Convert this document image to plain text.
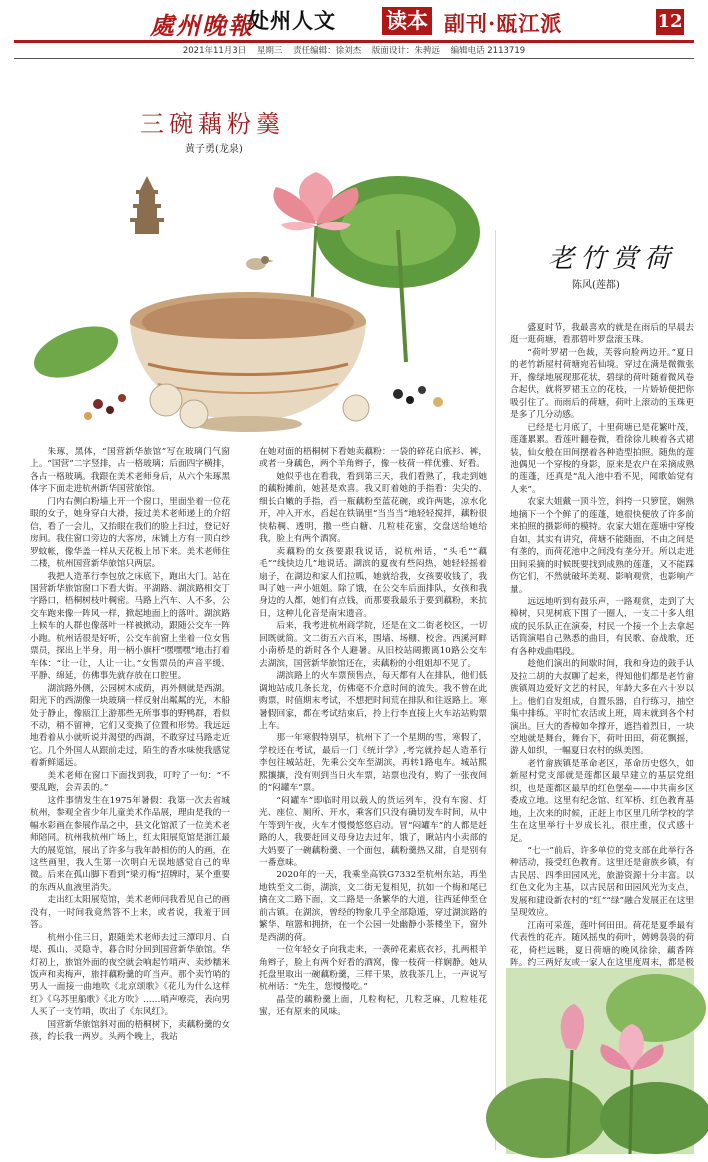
處州晚報
处州人文 读本 副刊·瓯江派	12
2021年11月3日 星期三 责任编辑：徐刘杰 版面设计：朱骋远 编辑电话 2113719
三碗藕粉羹
黄子勇(龙泉)

朱琢，黑体，“国营新华旅馆”写在玻璃门气窗上。“国营”二字竖排，占一格玻璃；后面四字横排，各占一格玻璃。我跟在美术老师身后，从六个朱琢黑体字下面走进杭州新华国营旅馆。

门内右侧白粉墙上开一个窗口，里面坐着一位花眼的女子，她身穿白大褂，接过美术老师递上的介绍信，看了一会儿，又抬眼在我们的脸上扫过，登记好房间。我住窗口旁边的大客房，床铺上方有一顶白纱罗蚊帐，像华盖一样从天花板上吊下来。美术老师住二楼，杭州国营新华旅馆只两层。

我把人造革行李包放之床底下，跑出大门。站在国营新华旅馆窗口下看大街。平湖路、湖滨路相交丁字路口，梧桐树枝叶稠密。马路上汽车、人不多，公交车跑来像一阵风一样，掀起地面上的落叶。湖滨路上候车的人群也像落叶一样被掀动，跟随公交车一阵小跑。杭州话很是好听，公交车前窗上坐着一位女售票员，探出上半身，用一柄小旗杆“嘿嘿嘿”地击打着车体：“让一让，人让一让。”女售票员的声音平缓、平静、绵延，仿佛事先就存放在口腔里。

湖滨路外侧，公园树木成荫，再外侧就是西湖。阳光下的西湖像一块玻璃一样反射出粼粼的光，木船处于静止，像瓯江上游那些无所事事的野鸭群，看似不动，稍不留神，它们又变换了位置和形势。我远远地看着从小就听说并渴望的西湖，不敢穿过马路走近它。几个外国人从跟前走过，陌生的香水味使我感觉着新鲜遥远。

美术老师在窗口下面找到我，叮咛了一句：“不要乱跑，会弄丢的。”

这件事情发生在1975年暑假：我第一次去省城杭州，参观全省少年儿童美术作品展，理由是我的一幅水彩画在参展作品之中，县文化馆派了一位美术老师陪同。杭州我杭州广场上，红太阳展览馆是浙江最大的展览馆，展出了许多与我年龄相仿的人的画，在这些画里，我人生第一次明白无误地感觉自己的卑微。后来在孤山脚下看到“梁刃梅”招牌时，某个重要的东西从血液里消失。

走出红太阳展览馆，美术老师问我看见自己的画没有，一时间我竟然答不上来，或者说，我羞于回答。

杭州小住三日，跟随美术老师去过三潭印月、白堤、孤山、灵隐寺，暮合时分回到国营新华旅馆。华灯初上，旅馆外面的夜空就会响起竹哨声、卖炒糯米饭声和卖梅声，旅拌藕粉羹的吖当声。那个卖竹哨的男人一面接一曲地吹《北京颂歌》《花儿为什么这样红》《乌苏里船歌》《北方吹》……哨声嘹亮，表向男人买了一支竹哨，吹出了《东风红》。

国营新华旅馆斜对面的梧桐树下，卖藕粉羹的女孩，约长我一两岁。头两个晚上，我站

在她对面的梧桐树下看她卖藕粉：一袋的碎花白底衫、裤，或者一身藕色，两个羊角辫子，像一枝荷一样优雅、好看。

她似乎也在看我，看到第三天，我们看熟了，我走到她的藕粉摊前，她甚是欢喜。我又盯着她的手指看：尖尖的、细长白嫩的手指，舀一瓶藕粉至蓝花碗，或许两匙，凉水化开，冲入开水，舀起在铁锅里“当当当”地轻轻搅拌，藕粉很快粘稠、透明，撒一些白糖、几粒桂花蜜，交盘送给她给我，脸上有两个酒窝。

卖藕粉的女孩要跟我说话，说杭州话，“头毛”“藕毛”“线快边几”地说话。湖滨的夏夜有些闷热，她轻轻摇着扇子，在湖边和家人们拉呱，她就给我，女孩要收钱了，我叫了她一声小姐姐。除了饿，在公交车后面排队，女孩和我身边的人都，她们有点钱，而那要我最乐于要到藕粉，来抗日，这种儿化音是南宋遗音。

后来，我考进杭州商学院，还是在文二街老校区，一切回既就简。文二街五六百米，围墙、场棚、校舍。西溪河畔小南桥是的新时各个人避暑。从旧校站阔搬离10路公交车去湖滨，国营新华旅馆还在，卖藕粉的小组姐却不见了。

湖滨路上的火车票预售点，每天都有人在排队，他们低调地站成几条长龙，仿佛毫不介意时间的流失。我不曾在此购票，时值期末考试，不想把时间荒在排队和往返路上。寒暑假回家，都在考试结束后，拎上行李直接上火车站站购票上车。

那一年寒假特别早，杭州下了一个星期的雪，寒假了，学校还在考试，最后一门《统计学》,考完就拎起人造革行李包往城站赶，先乘公交车至湖滨，再转1路电车。城站熙熙攘攘，没有则到当日火车票，站票也没有，购了一张夜间的“闷罐车”票。

“闷罐车”即临时用以载人的货运列车，没有车窗、灯光、座位、厕所、开水，乘客们只没有确切发车时间，从中午等到午夜，火车才慢慢悠悠启动。冒“闷罐车”的人都是赶路的人，我要赶回义母身边去过年，饿了，瞅站内小卖部的大妈要了一碗藕粉羹、一个面包，藕粉羹热又甜，自是别有一番意味。

2020年的一天，我乘坐高铁G7332至杭州东站，再坐地铁至文二街，湖滨，文二街无复相见，抗如一个梅和尾已擒在文二路下面，文二路是一条繁华的大道，往西延伸至仓前古镇。在湖滨，曾经的物象几乎全部隐遁，穿过湖滨路的繁华、喧嚣和拥挤，在一个公园一处幽静小茶楼坐下，窗外是西湖的荷。

一位年轻女子向我走来，一袭碎花素底衣衫，扎两根羊角辫子，脸上有两个好看的酒窝，像一枝荷一样娴静。她从托盘里取出一碗藕粉羹，三样干果，放我茶几上，一声说写杭州话：“先生，您慢慢吃。”

晶莹的藕粉羹上面，几粒枸杞，几粒芝麻，几粒桂花蜜，还有原来的风味。

老竹赏荷
陈风(莲都)

盛夏时节，我最喜欢的就是在雨后的早晨去逛一逛荷塘，看那碧叶罗盘滚玉珠。

“荷叶罗裙一色裁，芙蓉向脸两边开。”夏日的老竹新屋村荷塘宛若仙境。穿过在满是微微张开，像绿地展现那花状，碧绿的荷叶随着微风卷合起伏，就将罗裙玉立的花枝，一片娇娇便把你吸引住了。而雨后的荷塘，荷叶上滚动的玉珠更是多了几分动感。

已经是七月底了，十里荷塘已是花繁叶茂，莲蓬累累。看莲叶翻卷微，看徐徐儿映着各式裙装，仙女般在田间摆着各种造型拍照。随焦的莲池偶见一个穿梭的身影，原来是农户在采摘成熟的莲蓬，还真是“乱入池中看不见，闻歌始觉有人来”。

农家大姐戴一顶斗笠，斜挎一只箩筐，娴熟地摘下一个个鲜了的莲蓬，她很快便放了许多前来拍照的摄影师的模特。农家大姐在莲塘中穿梭自如，其实有讲究，荷塘不能随面，不由之间是有垄的，而荷花池中之间没有垄分开。所以走进田间采摘的时候既要找到成熟的莲蓬，又不能踩伤它们，不然就破坏美观、影响观赏，也影响产量。

远远地听到有鼓乐声，一路观赏，走到了大樟树，只见树底下围了一圈人，一支二十多人组成的民乐队正在演奏，村民一个接一个上去拿起话筒演唱自己熟悉的曲目，有民歌、奋战歌，还有各种戏曲唱段。

趁他们演出的间歇时间，我和身边的鼓手认及拉二胡的大叔聊了起来，得知他们都是老竹畲族镇周边爱好文艺的村民，年龄大多在六十岁以上。他们自发组成，自置乐器，自行练习，抽空集中排练。平时忙农活或上班，周末就到各个村演出。巨大的香樟如伞撑开，遮挡着烈日，一块空地就是舞台，舞台下，荷叶田田，荷花飘摇，游人如织，一幅夏日农村的纵美图。

老竹畲族镇是革命老区，革命历史悠久，如新屋村党支部就是莲都区最早建立的基层党组织，也是莲都区最早的红色堡垒——中共南乡区委成立地。这里有纪念馆、红军桥、红色教育基地，上次来的时候，正赶上市区里几所学校的学生在这里举行十岁成长礼，很庄重，仪式感十足。

“七一”前后，许多单位的党支部在此举行各种活动，接受红色教育。这里还是畲族乡镇，有古民居、四季田园风光，旅游资源十分丰富。以红色文化为主基，以古民居和田园风光为支点，发展和建设新农村的“红”“绿”融合发展正在这里呈现效应。

江南可采莲，莲叶何田田。荷花是夏季最有代表性的花卉。随风摇曳的荷叶，娉娉袅袅的荷花，倚栏远眺，夏日荷塘的晚风徐徐，藕香阵阵。约三两好友或一家人在这里度周末，都是极
